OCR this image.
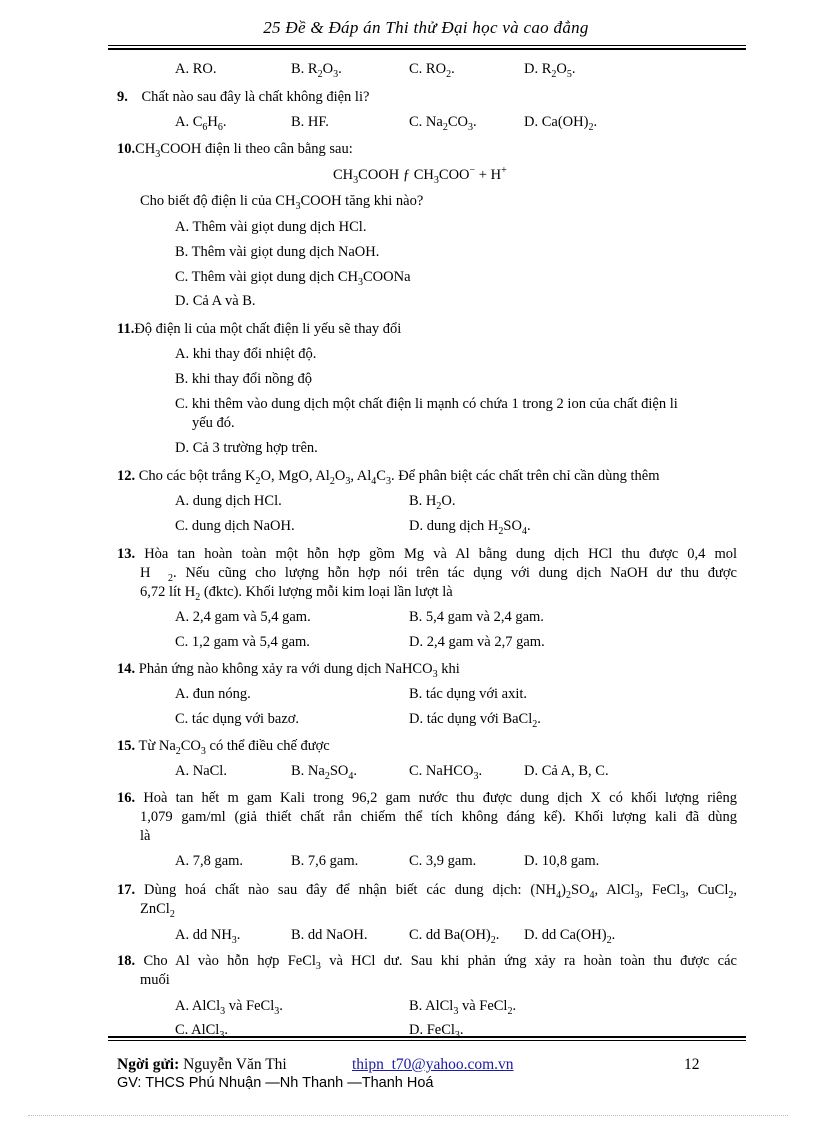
25 Đề & Đáp án Thi thử Đại học và cao đẳng
A. RO.	B. $R_2O_3$.	C. $RO_2$.	D. $R_2O_5$.
9. Chất nào sau đây là chất không điện li?
A. $C_6H_6$.	B. HF.	C. $Na_2CO_3$.	D. $Ca(OH)_2$.
$10.CH_3COOH$ điện li theo cân bằng sau:
$CH_3COOH$ ƒ $CH_3COO^- + H^+$
Cho biết độ điện li của $CH_3COOH$ tăng khi nào?
A. Thêm vài giọt dung dịch HCl.
B. Thêm vài giọt dung dịch NaOH.
C. Thêm vài giọt dung dịch $CH_3COONa$
D. Cả A và B.
11.Độ điện li của một chất điện li yếu sẽ thay đổi
A. khi thay đổi nhiệt độ.
B. khi thay đổi nồng độ
C. khi thêm vào dung dịch một chất điện li mạnh có chứa 1 trong 2 ion của chất điện li
yếu đó.
D. Cả 3 trường hợp trên.
12. Cho các bột trắng $K_2O$, MgO, $Al_2O_3$, $Al_4C_3$. Để phân biệt các chất trên chỉ cần dùng thêm
A. dung dịch HCl.	B. $H_2O$.
C. dung dịch NaOH.	D. dung dịch $H_2SO_4$.
13. Hòa tan hoàn toàn một hỗn hợp gồm Mg và Al bằng dung dịch HCl thu được 0,4 mol
H $_2$. Nếu cũng cho lượng hỗn hợp nói trên tác dụng với dung dịch NaOH dư thu được
6,72 lít $H_2$ (đktc). Khối lượng mỗi kim loại lần lượt là
A. 2,4 gam và 5,4 gam.	B. 5,4 gam và 2,4 gam.
C. 1,2 gam và 5,4 gam.	D. 2,4 gam và 2,7 gam.
14. Phản ứng nào không xảy ra với dung dịch NaHCO$_3$ khi
A. đun nóng.	B. tác dụng với axit.
C. tác dụng với bazơ.	D. tác dụng với BaCl$_2$.
15. Từ $Na_2CO_3$ có thể điều chế được
A. NaCl.	B. $Na_2SO_4$.	C. NaHCO$_3$.	D. Cả A, B, C.
16. Hoà tan hết m gam Kali trong 96,2 gam nước thu được dung dịch X có khối lượng riêng
1,079 gam/ml (giả thiết chất rắn chiếm thể tích không đáng kể). Khối lượng kali đã dùng
là
A. 7,8 gam.	B. 7,6 gam.	C. 3,9 gam.	D. 10,8 gam.
17. Dùng hoá chất nào sau đây để nhận biết các dung dịch: $(NH_4)_2SO_4$, AlCl$_3$, FeCl$_3$, CuCl$_2$,
ZnCl$_2$
A. dd $NH_3$.	B. dd NaOH.	C. dd $Ba(OH)_2$. D. dd $Ca(OH)_2$.
18. Cho Al vào hỗn hợp FeCl$_3$ và HCl dư. Sau khi phản ứng xảy ra hoàn toàn thu được các
muối
A. AlCl$_3$ và FeCl$_3$.	B. AlCl$_3$ và FeCl$_2$.
C. AlCl$_3$.	D. FeCl$_3$.
Ngời gửi: Nguyễn Văn Thi	thipn_t70@yahoo.com.vn	12
GV: THCS Phú Nhuận —Nh Thanh —Thanh Hoá
